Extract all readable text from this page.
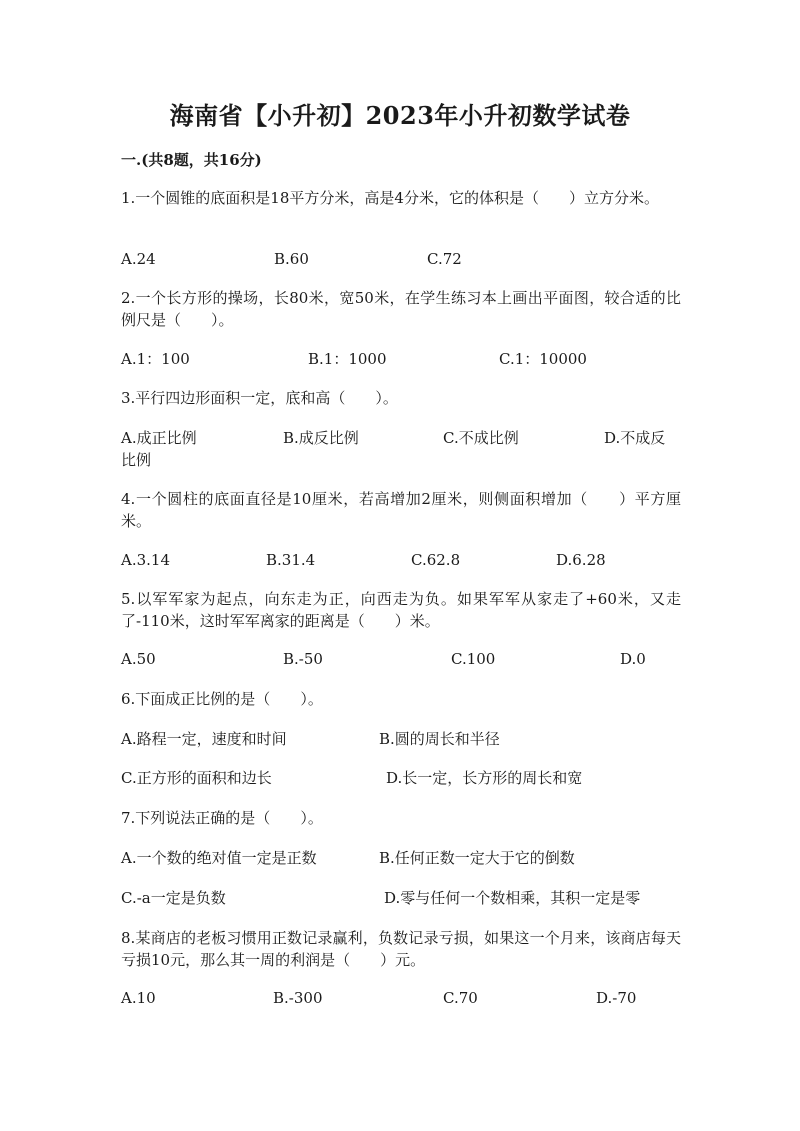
海南省【小升初】2023年小升初数学试卷
一.(共8题，共16分)
1.一个圆锥的底面积是18平方分米，高是4分米，它的体积是（　　）立方分米。
A.24	B.60	C.72
2.一个长方形的操场，长80米，宽50米，在学生练习本上画出平面图，较合适的比例尺是（　　）。
A.1：100	B.1：1000	C.1：10000
3.平行四边形面积一定，底和高（　　）。
A.成正比例	B.成反比例	C.不成比例	D.不成反
比例
4.一个圆柱的底面直径是10厘米，若高增加2厘米，则侧面积增加（　　）平方厘米。
A.3.14	B.31.4	C.62.8	D.6.28
5.以军军家为起点，向东走为正，向西走为负。如果军军从家走了+60米，又走了-110米，这时军军离家的距离是（　　）米。
A.50	B.-50	C.100	D.0
6.下面成正比例的是（　　）。
A.路程一定，速度和时间	B.圆的周长和半径
C.正方形的面积和边长	D.长一定，长方形的周长和宽
7.下列说法正确的是（　　）。
A.一个数的绝对值一定是正数	B.任何正数一定大于它的倒数
C.-a一定是负数	D.零与任何一个数相乘，其积一定是零
8.某商店的老板习惯用正数记录赢利，负数记录亏损，如果这一个月来，该商店每天亏损10元，那么其一周的利润是（　　）元。
A.10	B.-300	C.70	D.-70
